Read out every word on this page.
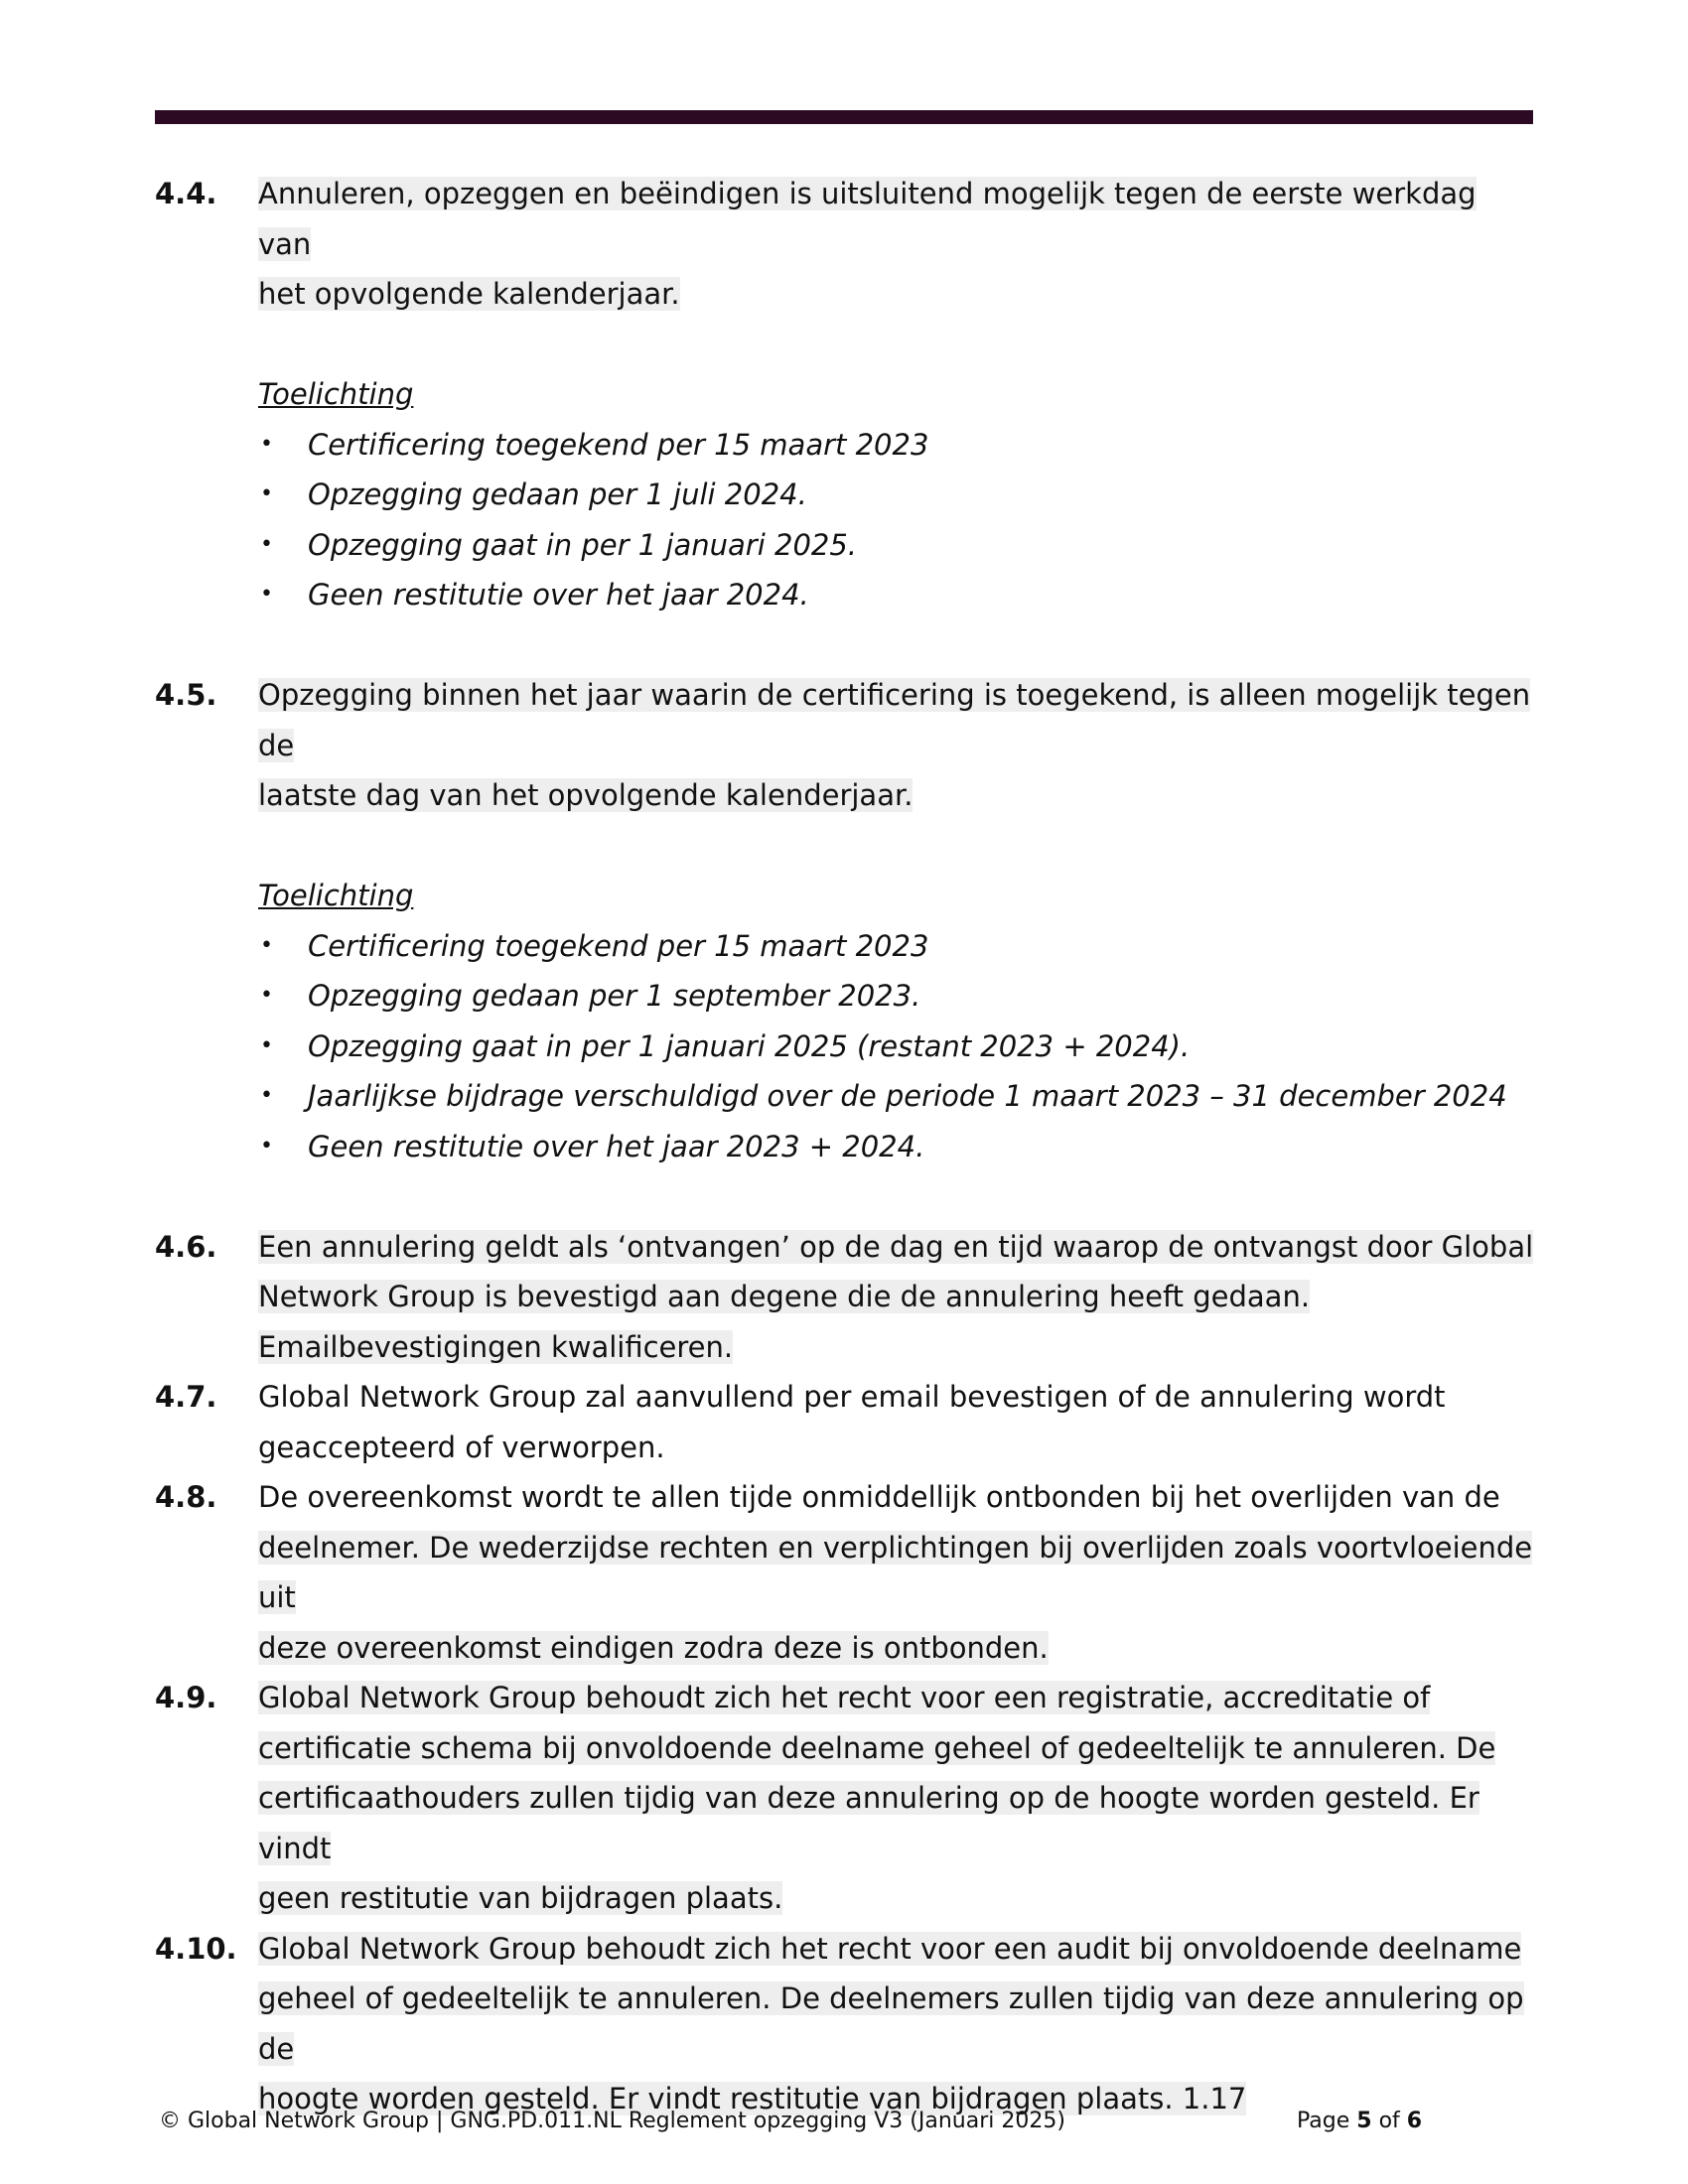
4.4.	Annuleren, opzeggen en beëindigen is uitsluitend mogelijk tegen de eerste werkdag van
het opvolgende kalenderjaar.
Toelichting
• Certificering toegekend per 15 maart 2023
• Opzegging gedaan per 1 juli 2024.
• Opzegging gaat in per 1 januari 2025.
• Geen restitutie over het jaar 2024.
4.5.	Opzegging binnen het jaar waarin de certificering is toegekend, is alleen mogelijk tegen de
laatste dag van het opvolgende kalenderjaar.
Toelichting
• Certificering toegekend per 15 maart 2023
• Opzegging gedaan per 1 september 2023.
• Opzegging gaat in per 1 januari 2025 (restant 2023 + 2024).
• Jaarlijkse bijdrage verschuldigd over de periode 1 maart 2023 – 31 december 2024
• Geen restitutie over het jaar 2023 + 2024.
4.6.	Een annulering geldt als ‘ontvangen’ op de dag en tijd waarop de ontvangst door Global
Network Group is bevestigd aan degene die de annulering heeft gedaan.
Emailbevestigingen kwalificeren.
4.7.	Global Network Group zal aanvullend per email bevestigen of de annulering wordt
geaccepteerd of verworpen.
4.8.	De overeenkomst wordt te allen tijde onmiddellijk ontbonden bij het overlijden van de
deelnemer. De wederzijdse rechten en verplichtingen bij overlijden zoals voortvloeiende uit
deze overeenkomst eindigen zodra deze is ontbonden.
4.9.	Global Network Group behoudt zich het recht voor een registratie, accreditatie of
certificatie schema bij onvoldoende deelname geheel of gedeeltelijk te annuleren. De
certificaathouders zullen tijdig van deze annulering op de hoogte worden gesteld. Er vindt
geen restitutie van bijdragen plaats.
4.10. Global Network Group behoudt zich het recht voor een audit bij onvoldoende deelname
geheel of gedeeltelijk te annuleren. De deelnemers zullen tijdig van deze annulering op de
hoogte worden gesteld. Er vindt restitutie van bijdragen plaats. 1.17
© Global Network Group | GNG.PD.011.NL Reglement opzegging V3 (Januari 2025)	Page 5 of 6
